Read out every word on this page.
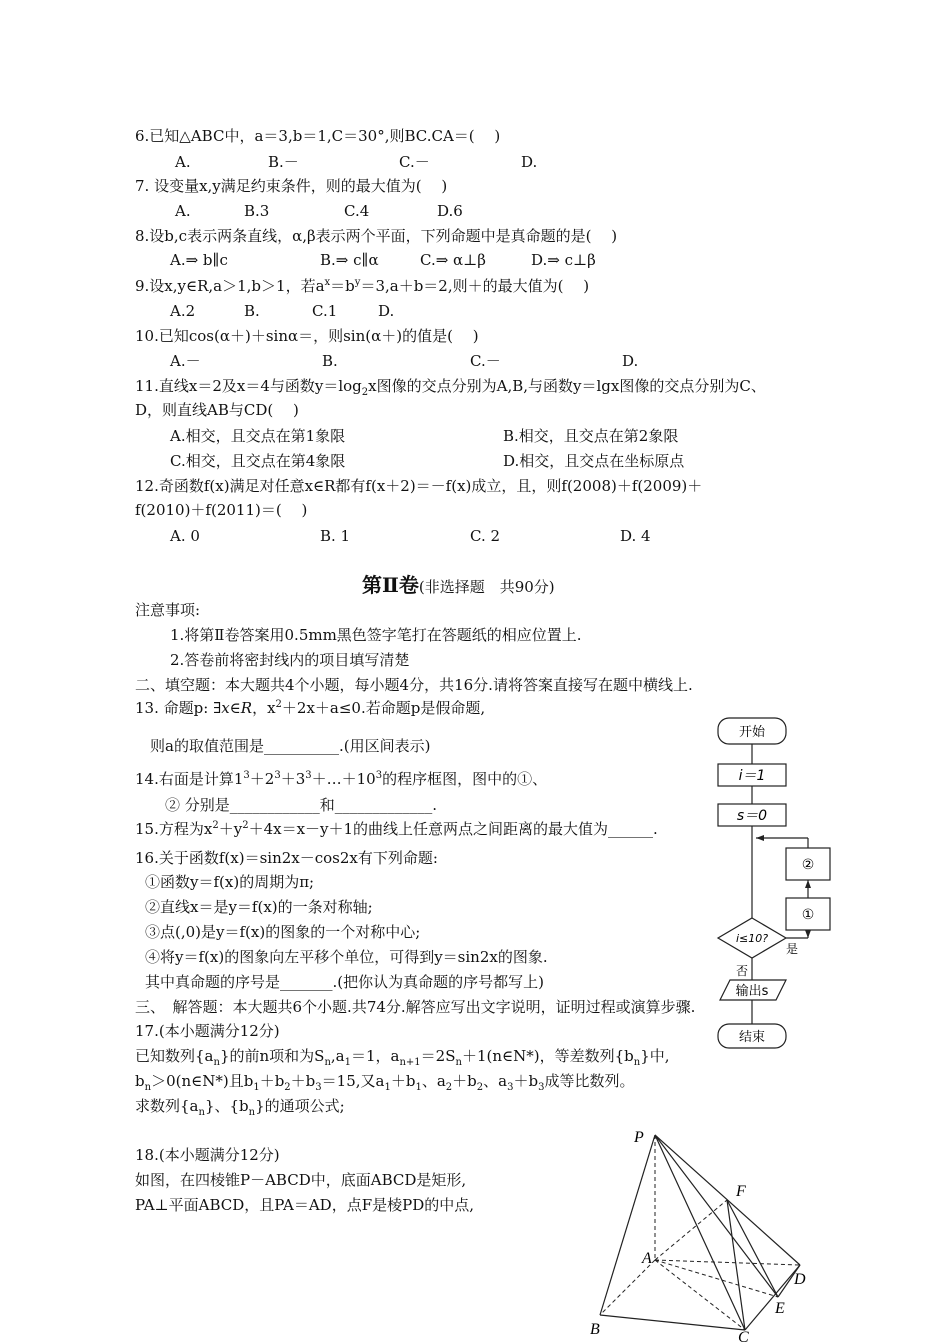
6.已知△ABC中，a＝3,b＝1,C＝30°,则BC.CA＝(　 )
A.	B.－	C.－	D.
7. 设变量x,y满足约束条件，则的最大值为(　 )
A.	B.3	C.4	D.6
8.设b,c表示两条直线，α,β表示两个平面，下列命题中是真命题的是(　 )
A.⇒ b∥c	B.⇒ c∥α	C.⇒ α⊥β	D.⇒ c⊥β
9.设x,y∈R,a＞1,b＞1，若$a^x=b^y=3,a+b=2$,则＋的最大值为(　 )
A.2	B.	C.1	D.
10.已知cos(α＋)＋sinα＝，则sin(α＋)的值是(　 )
A.－	B.	C.－	D.
11.直线x＝2及x＝4与函数$y=\log_2x$图像的交点分别为A,B,与函数y＝lgx图像的交点分别为C、
D，则直线AB与CD(　 )
A.相交，且交点在第1象限	B.相交，且交点在第2象限
C.相交，且交点在第4象限	D.相交，且交点在坐标原点
12.奇函数f(x)满足对任意x∈R都有f(x＋2)＝－f(x)成立，且，则f(2008)＋f(2009)＋
f(2010)＋f(2011)＝(　 )
A. 0	B. 1	C. 2	D. 4
第Ⅱ卷(非选择题　共90分)
注意事项:
1.将第Ⅱ卷答案用0.5mm黑色签字笔打在答题纸的相应位置上.
2.答卷前将密封线内的项目填写清楚
二、填空题：本大题共4个小题，每小题4分，共16分.请将答案直接写在题中横线上.
13. 命题p: ∃x∈R，$x^2+2x+a\le 0$.若命题p是假命题,
则a的取值范围是__________.(用区间表示)
14.右面是计算$1^3+2^3+3^3+\dots+10^3$的程序框图，图中的①、
② 分别是____________和_____________.
15.方程为$x^2+y^2+4x=x-y+1$的曲线上任意两点之间距离的最大值为______.
16.关于函数f(x)＝sin2x－cos2x有下列命题:
①函数y＝f(x)的周期为π;
②直线x＝是y＝f(x)的一条对称轴;
③点(,0)是y＝f(x)的图象的一个对称中心;
④将y＝f(x)的图象向左平移个单位，可得到y＝sin2x的图象.
其中真命题的序号是_______.(把你认为真命题的序号都写上)
三、　解答题：本大题共6个小题.共74分.解答应写出文字说明，证明过程或演算步骤.
17.(本小题满分12分)
已知数列$\{a_n\}$的前n项和为$S_n,a_1=1$，$a_{n+1}=2S_n+1(n\in N*)$，等差数列$\{b_n\}$中,
$b_n>0(n\in N*)$且$b_1+b_2+b_3=15$,又$a_1+b_1$、$a_2+b_2$、$a_3+b_3$成等比数列。
求数列$\{a_n\}$、$\{b_n\}$的通项公式;
18.(本小题满分12分)
如图，在四棱锥P－ABCD中，底面ABCD是矩形,
PA⊥平面ABCD，且PA＝AD，点F是棱PD的中点,
开始
i＝1
s＝0
②
①
i≤10?
是
否
输出s
结束
P
F
A
D
E
B	C
